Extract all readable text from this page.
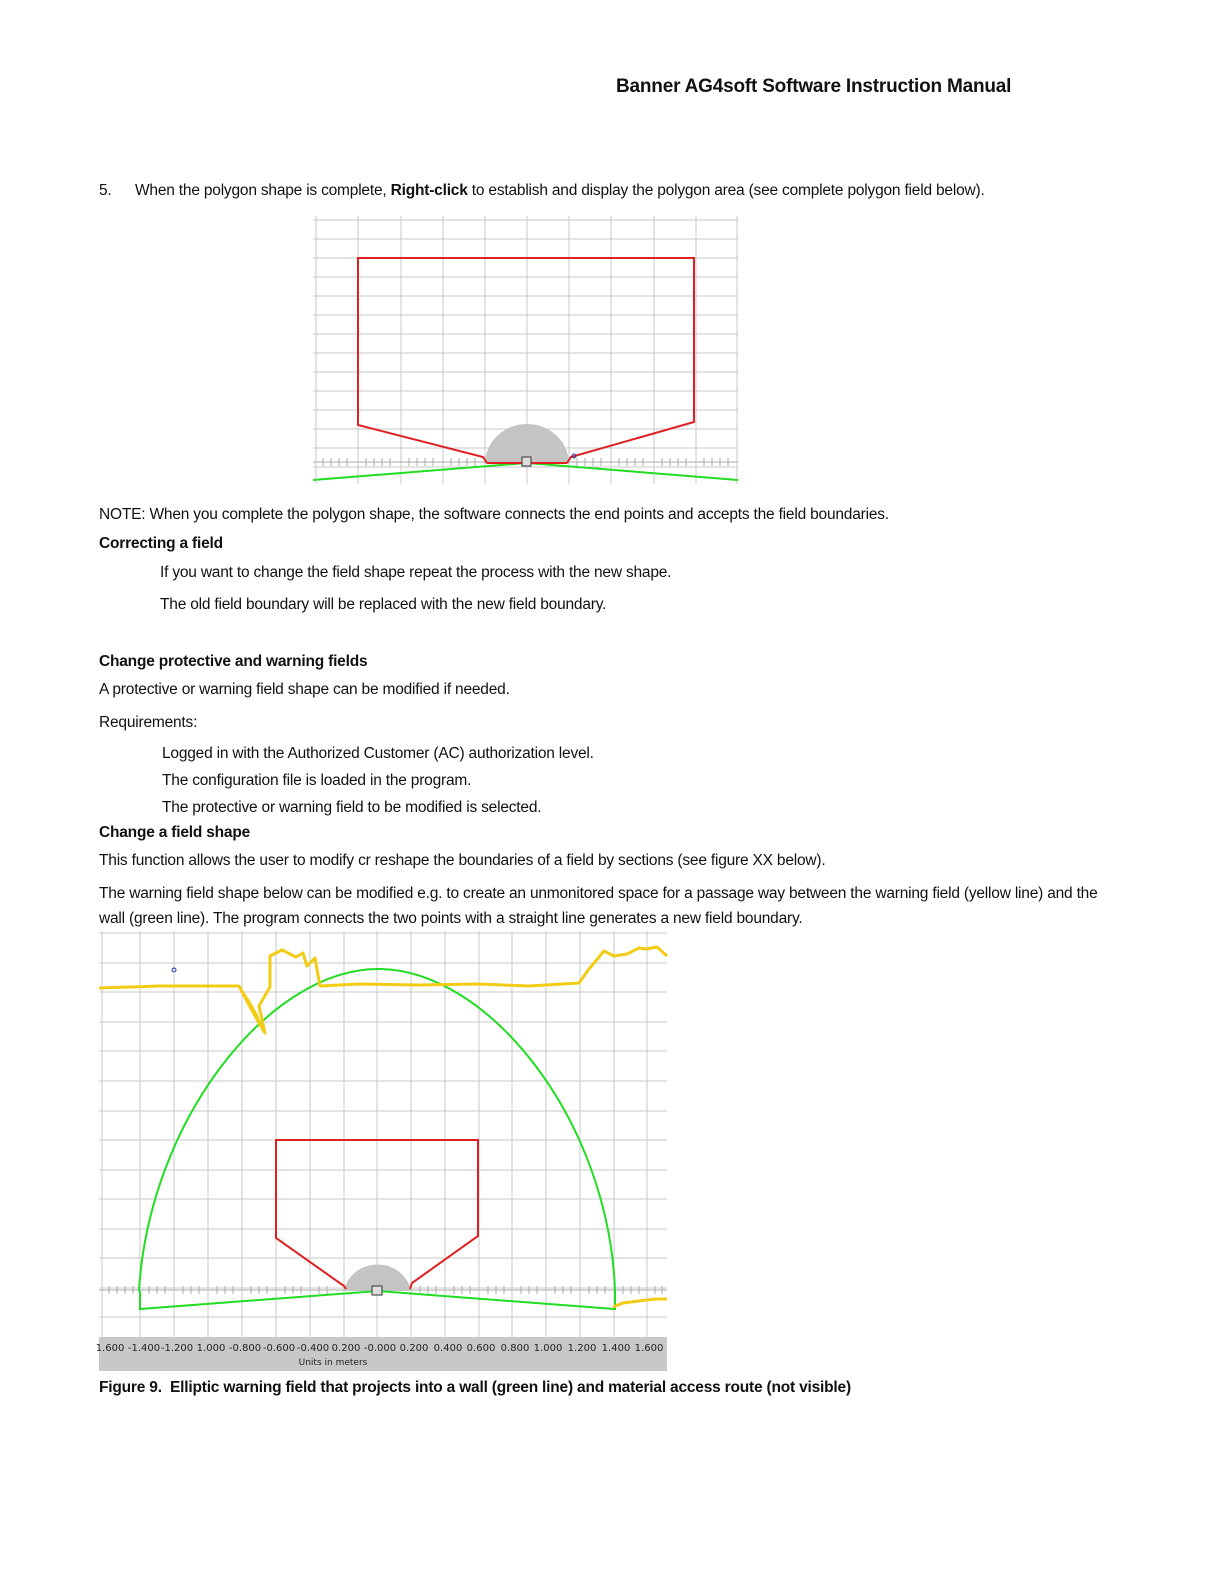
Banner AG4soft Software Instruction Manual
5. When the polygon shape is complete, Right-click to establish and display the polygon area (see complete polygon field below).
NOTE: When you complete the polygon shape, the software connects the end points and accepts the field boundaries.
Correcting a field
If you want to change the field shape repeat the process with the new shape.
The old field boundary will be replaced with the new field boundary.
Change protective and warning fields
A protective or warning field shape can be modified if needed.
Requirements:
Logged in with the Authorized Customer (AC) authorization level.
The configuration file is loaded in the program.
The protective or warning field to be modified is selected.
Change a field shape
This function allows the user to modify cr reshape the boundaries of a field by sections (see figure XX below).
The warning field shape below can be modified e.g. to create an unmonitored space for a passage way between the warning field (yellow line) and the
wall (green line). The program connects the two points with a straight line generates a new field boundary.
1.600 -1.400 -1.200 1.000 -0.800 -0.600 -0.400 0.200 -0.000 0.200 0.400 0.600 0.800 1.000 1.200 1.400 1.600
Units in meters
Figure 9. Elliptic warning field that projects into a wall (green line) and material access route (not visible)
